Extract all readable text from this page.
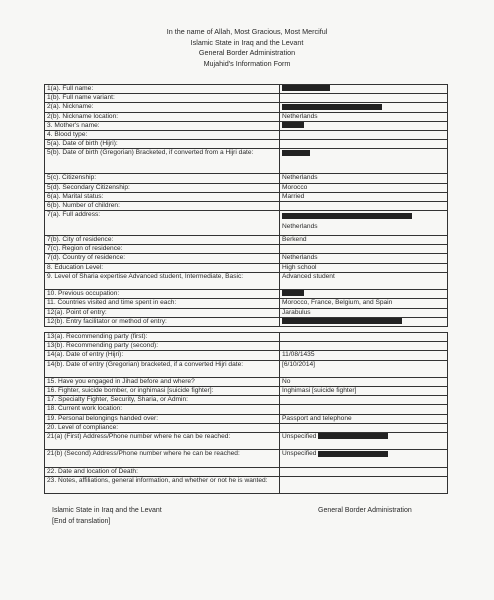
In the name of Allah, Most Gracious, Most Merciful
Islamic State in Iraq and the Levant
General Border Administration
Mujahid's Information Form
1(a). Full name:	
1(b). Full name variant:	
2(a). Nickname:	
2(b). Nickname location:	Netherlands
3. Mother's name:	
4. Blood type:	
5(a). Date of birth (Hijri):	
5(b). Date of birth (Gregorian) Bracketed, if converted from a Hijri date:	
5(c). Citizenship:	Netherlands
5(d). Secondary Citizenship:	Morocco
6(a). Marital status:	Married
6(b). Number of children:	
7(a). Full address:	Netherlands
7(b). City of residence:	Berkend
7(c). Region of residence:	
7(d). Country of residence:	Netherlands
8. Education Level:	High school
9. Level of Sharia expertise Advanced student, Intermediate, Basic:	Advanced student
10. Previous occupation:	
11. Countries visited and time spent in each:	Morocco, France, Belgium, and Spain
12(a). Point of entry:	Jarabulus
12(b). Entry facilitator or method of entry:	

13(a). Recommending party (first):	
13(b). Recommending party (second):	
14(a). Date of entry (Hijri):	11/08/1435
14(b). Date of entry (Gregorian) bracketed, if a converted Hijri date:	[6/10/2014]
15. Have you engaged in Jihad before and where?	No
16. Fighter, suicide bomber, or inghimasi [suicide fighter]:	Inghimasi [suicide fighter]
17. Specialty Fighter, Security, Sharia, or Admin:	
18. Current work location:	
19. Personal belongings handed over:	Passport and telephone
20. Level of compliance:	
21(a) (First) Address/Phone number where he can be reached:	Unspecified
21(b) (Second) Address/Phone number where he can be reached:	Unspecified
22. Date and location of Death:	
23. Notes, affiliations, general information, and whether or not he is wanted:	
Islamic State in Iraq and the Levant
[End of translation]
General Border Administration
